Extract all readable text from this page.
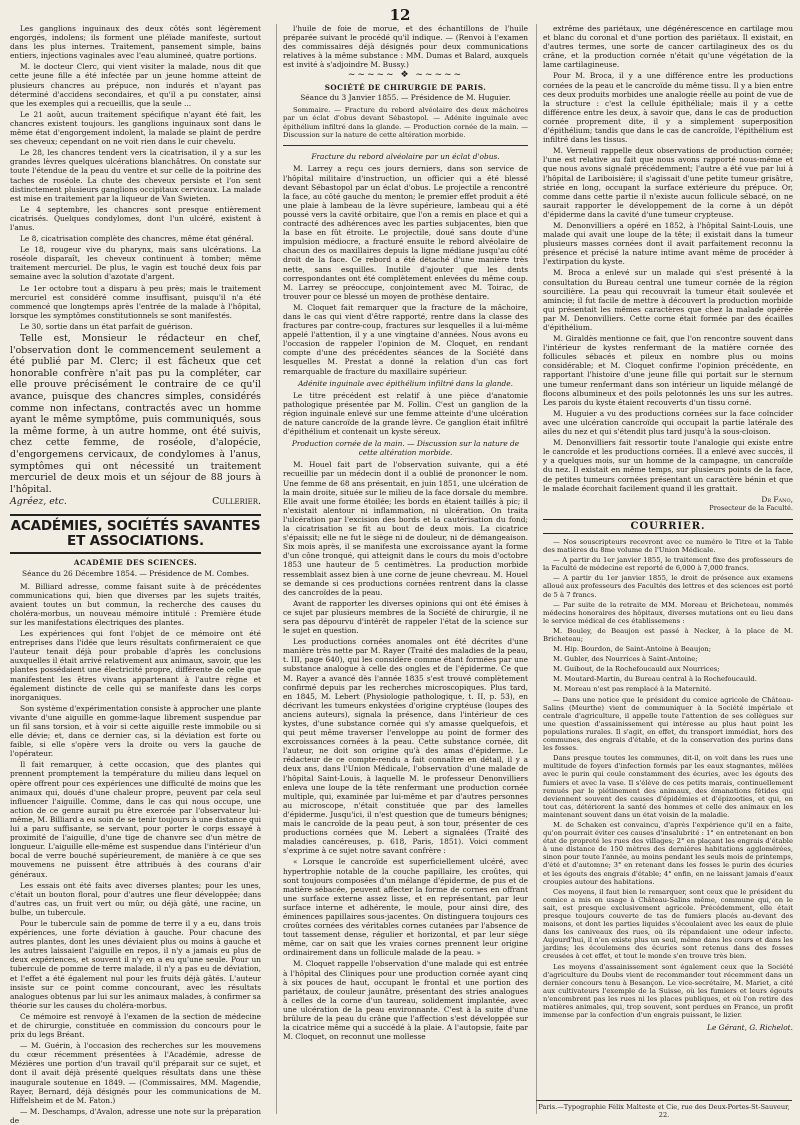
12

Les ganglions inguinaux des deux côtés sont légèrement engorgés, indolens; ils forment une pléïade manifeste, surtout dans les plus internes. Traitement, pansement simple, bains entiers, injections vaginales avec l'eau alumineé, quatre portions.

M. le docteur Clerc, qui vient visiter la malade, nous dit que cette jeune fille a été infectée par un jeune homme atteint de plusieurs chancres au prépuce, non indurés et n'ayant pas déterminé d'accidens secondaires, et qu'il a pu constater, ainsi que les exemples qui a recueillis, que la seule ...

Le 21 août, aucun traitement spécifique n'ayant été fait, les chancres existent toujours. les ganglions inguinaux sont dans le même état d'engorgement indolent, la malade se plaint de perdre ses cheveux; cependant on ne voit rien dans le cuir chevelu.

Le 28, les chancres tendent vers la cicatrisation, il y a sur les grandes lèvres quelques ulcérations blanchâtres. On constate sur toute l'étendue de la peau du ventre et sur celle de la poitrine des taches de roséole. La chute des cheveux persiste et l'on sent distinctement plusieurs ganglions occipitaux cervicaux. La malade est mise en traitement par la liqueur de Van Swieten.

Le 4 septembre, les chancres sont presque entièrement cicatrisés. Quelques condylomes, dont l'un ulcéré, existent à l'anus.

Le 8, cicatrisation complète des chancres, même état général.

Le 18, rougeur vive du pharynx, mais sans ulcérations. La roséole disparaît, les cheveux continuent à tomber; même traitement mercuriel. De plus, le vagin est touché deux fois par semaine avec la solution d'azotate d'argent.

Le 1er octobre tout a disparu à peu près; mais le traitement mercuriel est considéré comme insuffisant, puisqu'il n'a été commencé que longtemps après l'entrée de la malade à l'hôpital, lorsque les symptômes constitutionnels se sont manifestés.

Le 30, sortie dans un état parfait de guérison.

Telle est, Monsieur le rédacteur en chef, l'observation dont le commencement seulement a été publié par M. Clerc; il est fâcheux que cet honorable confrère n'ait pas pu la compléter, car elle prouve précisément le contraire de ce qu'il avance, puisque des chancres simples, considérés comme non infectans, contractés avec un homme ayant le même symptôme, puis communiqués, sous la même forme, à un autre homme, ont été suivis, chez cette femme, de roséole, d'alopécie, d'engorgemens cervicaux, de condylomes à l'anus, symptômes qui ont nécessité un traitement mercuriel de deux mois et un séjour de 88 jours à l'hôpital.

Agréez, etc.	Cullerier.
ACADÉMIES, SOCIÉTÉS SAVANTES ET ASSOCIATIONS.
ACADÉMIE DES SCIENCES.
Séance du 26 Décembre 1854. — Présidence de M. Combes.

M. Billiard adresse, comme faisant suite à de précédentes communications qui, bien que diverses par les sujets traités, avaient toutes un but commun, la recherche des causes du choléra-morbus, un nouveau mémoire intitulé : Première étude sur les manifestations électriques des plantes.

Les expériences qui font l'objet de ce mémoire ont été entreprises dans l'idée que leurs résultats confirmeraient ce que l'auteur tenait déjà pour probable d'après les conclusions auxquelles il était arrivé relativement aux animaux, savoir, que les plantes possédaient une électricité propre, différente de celle que manifestent les êtres vivans appartenant à l'autre règne et également distincte de celle qui se manifeste dans les corps inorganiques.

Son système d'expérimentation consiste à approcher une plante vivante d'une aiguille en gomme-laque librement suspendue par un fil sans torsion, et à voir si cette aiguille reste immobile ou si elle dévie; et, dans ce dernier cas, si la déviation est forte ou faible, si elle s'opère vers la droite ou vers la gauche de l'opérateur.

Il fait remarquer, à cette occasion, que des plantes qui prennent promptement la température du milieu dans lequel on opère offrent pour ces expériences une difficulté de moins que les animaux qui, doués d'une chaleur propre, peuvent par cela seul influencer l'aiguille. Comme, dans le cas qui nous occupe, une action de ce genre aurait pu être exercée par l'observateur lui-même, M. Billiard a eu soin de se tenir toujours à une distance qui lui a paru suffisante, se servant, pour porter le corps essayé à proximité de l'aiguille, d'une tige de chanvre sec d'un mètre de longueur. L'aiguille elle-même est suspendue dans l'intérieur d'un bocal de verre bouché supérieurement, de manière à ce que ses mouvemens ne puissent être attribués à des courans d'air généraux.

Les essais ont été faits avec diverses plantes; pour les unes, c'était un bouton floral, pour d'autres une fleur développée; dans d'autres cas, un fruit vert ou mûr, ou déjà gâté, une racine, un bulbe, un tubercule.

Pour le tubercule sain de pomme de terre il y a eu, dans trois expériences, une forte déviation à gauche. Pour chacune des autres plantes, dont les unes déviaient plus ou moins à gauche et les autres laissaient l'aiguille en repos, il n'y a jamais eu plus de deux expériences, et souvent il n'y en a eu qu'une seule. Pour un tubercule de pomme de terre malade, il n'y a pas eu de déviation, et l'effet a été également nul pour les fruits déjà gâtés. L'auteur insiste sur ce point comme concourant, avec les résultats analogues obtenus par lui sur les animaux malades, à confirmer sa théorie sur les causes du choléra-morbus.

Ce mémoire est renvoyé à l'examen de la section de médecine et de chirurgie, constituée en commission du concours pour le prix du legs Bréant.

— M. Guérin, à l'occasion des recherches sur les mouvemens du cœur récemment présentées à l'Académie, adresse de Mézières une portion d'un travail qu'il préparait sur ce sujet, et dont il avait déjà présenté quelques résultats dans une thèse inaugurale soutenue en 1849. — (Commissaires, MM. Magendie, Rayer, Bernard, déjà désignés pour les communications de M. Hiffelsheim et de M. Faton.)

— M. Deschamps, d'Avalon, adresse une note sur la préparation de

l'huile de foie de morue, et des échantillons de l'huile préparée suivant le procédé qu'il indique. — (Renvoi à l'examen des commissaires déjà désignés pour deux communications relatives à la même substance : MM. Dumas et Balard, auxquels est invité à s'adjoindre M. Bussy.)

~~~~~ ❖ ~~~~~
SOCIÉTÉ DE CHIRURGIE DE PARIS.
Séance du 3 Janvier 1855. — Présidence de M. Huguier.
Sommaire. — Fracture du rebord alvéolaire des deux mâchoires par un éclat d'obus devant Sébastopol. — Adénite inguinale avec épithélium infiltré dans la glande. — Production cornée de la main. — Discussion sur la nature de cette altération morbide.
Fracture du rebord alvéolaire par un éclat d'obus.

M. Larrey a reçu ces jours derniers, dans son service de l'hôpital militaire d'instruction, un officier qui a été blessé devant Sébastopol par un éclat d'obus. Le projectile a rencontré la face, au côté gauche du menton; le premier effet produit a été une plaie à lambeau de la lèvre supérieure, lambeau qui a été poussé vers la cavité orbitaire, que l'on a remis en place et qui a contracté des adhérences avec les parties subjacentes, bien que la base en fût étroite. Le projectile, doué sans doute d'une impulsion médiocre, a fracturé ensuite le rebord alvéolaire de chacun des os maxillaires depuis la ligne médiane jusqu'au côté droit de la face. Ce rebord a été détaché d'une manière très nette, sans esquilles. Inutile d'ajouter que les dents correspondantes ont été complètement enlevées du même coup. M. Larrey se préoccupe, conjointement avec M. Toirac, de trouver pour ce blessé un moyen de prothèse dentaire.

M. Cloquet fait remarquer que la fracture de la mâchoire, dans le cas qui vient d'être rapporté, rentre dans la classe des fractures par contre-coup, fractures sur lesquelles il a lui-même appelé l'attention, il y a une vingtaine d'années. Nous avons eu l'occasion de rappeler l'opinion de M. Cloquet, en rendant compte d'une des précédentes séances de la Société dans lesquelles M. Prestat a donné la relation d'un cas fort remarquable de fracture du maxillaire supérieur.

Adénite inguinale avec épithélium infiltré dans la glande.

Le titre précédent est relatif à une pièce d'anatomie pathologique présentée par M. Follin. C'est un ganglion de la région inguinale enlevé sur une femme atteinte d'une ulcération de nature cancroïde de la grande lèvre. Ce ganglion était infiltré d'épithélium et contenait un kyste séreux.

Production cornée de la main. — Discussion sur la nature de cette altération morbide.

M. Houel fait part de l'observation suivante, qui a été recueillie par un médecin dont il a oublié de prononcer le nom. Une femme de 68 ans présentait, en juin 1851, une ulcération de la main droite, située sur le milieu de la face dorsale du membre. Elle avait une forme étoilée; les bords en étaient taillés à pic; il n'existait alentour ni inflammation, ni ulcération. On traita l'ulcération par l'excision des bords et la cautérisation du fond; la cicatrisation se fit au bout de deux mois. La cicatrice s'épaissit; elle ne fut le siège ni de douleur, ni de démangeaison. Six mois après, il se manifesta une excroissance ayant la forme d'un cône tronqué, qui atteignit dans le cours du mois d'octobre 1853 une hauteur de 5 centimètres. La production morbide ressemblait assez bien à une corne de jeune chevreau. M. Houel se demande si ces productions cornées rentrent dans la classe des cancroïdes de la peau.

Avant de rapporter les diverses opinions qui ont été émises à ce sujet par plusieurs membres de la Société de chirurgie, il ne sera pas dépourvu d'intérêt de rappeler l'état de la science sur le sujet en question.

Les productions cornées anomales ont été décrites d'une manière très nette par M. Rayer (Traité des maladies de la peau, t. III, page 640), qui les considère comme étant formées par une substance analogue à celle des ongles et de l'épiderme. Ce que M. Rayer a avancé dès l'année 1835 s'est trouvé complètement confirmé depuis par les recherches microscopiques. Plus tard, en 1845, M. Lebert (Physiologie pathologique, t. II, p. 53), en décrivant les tumeurs enkystées d'origine cryptéuse (loupes des anciens auteurs), signala la présence, dans l'intérieur de ces kystes, d'une substance cornée qui s'y amasse quelquefois, et qui peut même traverser l'enveloppe au point de former des excroissances cornées à la peau. Cette substance cornée, dit l'auteur, ne doit son origine qu'à des amas d'épiderme. Le rédacteur de ce compte-rendu a fait connaître en détail, il y a deux ans, dans l'Union Médicale, l'observation d'une malade de l'hôpital Saint-Louis, à laquelle M. le professeur Denonvilliers enleva une loupe de la tête renfermant une production cornée multiple, qui, examinée par lui-même et par d'autres personnes au microscope, n'était constituée que par des lamelles d'épiderme. Jusqu'ici, il n'est question que de tumeurs bénignes; mais le cancroïde de la peau peut, à son tour, présenter de ces productions cornées que M. Lebert a signalées (Traité des maladies cancéreuses, p. 618, Paris, 1851). Voici comment s'exprime à ce sujet notre savant confrère :

« Lorsque le cancroïde est superficiellement ulcéré, avec hypertrophie notable de la couche papillaire, les croûtes, qui sont toujours composées d'un mélange d'épiderme, de pus et de matière sébacée, peuvent affecter la forme de cornes en offrant une surface externe assez lisse, et en représentant, par leur surface interne et adhérente, le moule, pour ainsi dire, des éminences papillaires sous-jacentes. On distinguera toujours ces croûtes cornées des véritables cornes cutanées par l'absence de tout tassement dense, régulier et horizontal, et par leur siège même, car on sait que les vraies cornes prennent leur origine ordinairement dans un follicule malade de la peau. »

M. Cloquet rappelle l'observation d'une malade qui est entrée à l'hôpital des Cliniques pour une production cornée ayant cinq à six pouces de haut, occupant le frontal et une portion des pariétaux, de couleur jaunâtre, présentant des stries analogues à celles de la corne d'un taureau, solidement implantée, avec une ulcération de la peau environnante. C'est à la suite d'une brûlure de la peau du crâne que l'affection s'est développée sur la cicatrice même qui a succédé à la plaie. A l'autopsie, faite par M. Cloquet, on reconnut une mollesse

extrême des pariétaux, une dégénérescence en cartilage mou et blanc du coronal et d'une portion des pariétaux. Il existait, en d'autres termes, une sorte de cancer cartilagineux des os du crâne, et la production cornée n'était qu'une végétation de la lame cartilagineuse.

Pour M. Broca, il y a une différence entre les productions cornées de la peau et le cancroïde du même tissu. Il y a bien entre ces deux produits morbides une analogie réelle au point de vue de la structure : c'est la cellule épithéliale; mais il y a cette différence entre les deux, à savoir que, dans le cas de production cornée proprement dite, il y a simplement superposition d'épithélium; tandis que dans le cas de cancroïde, l'épithélium est infiltré dans les tissus.

M. Verneuil rappelle deux observations de production cornée; l'une est relative au fait que nous avons rapporté nous-même et que nous avons signalé précédemment; l'autre a été vue par lui à l'hôpital de Lariboisière; il s'agissait d'une petite tumeur grisâtre, striée en long, occupant la surface extérieure du prépuce. Or, comme dans cette partie il n'existe aucun follicule sébacé, on ne saurait rapporter le développement de la corne à un dépôt d'épiderme dans la cavité d'une tumeur crypteuse.

M. Denonvilliers a opéré en 1852, à l'hôpital Saint-Louis, une malade qui avait une loupe de la tête; il existait dans la tumeur plusieurs masses cornées dont il avait parfaitement reconnu la présence et précisé la nature intime avant même de procéder à l'extirpation du kyste.

M. Broca a enlevé sur un malade qui s'est présenté à la consultation du Bureau central une tumeur cornée de la région sourcilière. La peau qui recouvrait la tumeur était soulevée et amincie; il fut facile de mettre à découvert la production morbide qui présentait les mêmes caractères que chez la malade opérée par M. Denonvilliers. Cette corne était formée par des écailles d'épithélium.

M. Giraldès mentionne ce fait, que l'on rencontre souvent dans l'intérieur de kystes renfermant de la matière cornée des follicules sébacés et pileux en nombre plus ou moins considérable; et M. Cloquet confirme l'opinion précédente, en rapportant l'histoire d'une jeune fille qui portait sur le sternum une tumeur renfermant dans son intérieur un liquide mélangé de flocons albumineux et des poils pelotonnés les uns sur les autres. Les parois du kyste étaient recouverts d'un tissu corné.

M. Huguier a vu des productions cornées sur la face coïncider avec une ulcération cancroïde qui occupait la partie latérale des ailes du nez et qui s'étendit plus tard jusqu'à la sous-cloison.

M. Denonvilliers fait ressortir toute l'analogie qui existe entre le cancroïde et les productions cornées. Il a enlevé avec succès, il y a quelques mois, sur un homme de la campagne, un cancroïde du nez. Il existait en même temps, sur plusieurs points de la face, de petites tumeurs cornées présentant un caractère bénin et que le malade écorchait facilement quand il les grattait.

Dr Fano,
Prosecteur de la Faculté.
COURRIER.

— Nos souscripteurs recevront avec ce numéro le Titre et la Table des matières du 8me volume de l'Union Médicale.

— A partir du 1er janvier 1855, le traitement fixe des professeurs de la Faculté de médecine est reporté de 6,000 à 7,000 francs.

— A partir du 1er janvier 1855, le droit de présence aux examens alloué aux professeurs des Facultés des lettres et des sciences est porté de 5 à 7 francs.

— Par suite de la retraite de MM. Moreau et Bricheteau, nommés médecins honoraires des hôpitaux, diverses mutations ont eu lieu dans le service médical de ces établissemens :

M. Bouley, de Beaujon est passé à Necker, à la place de M. Bricheteau;

M. Hip. Bourdon, de Saint-Antoine à Beaujon;

M. Gubler, des Nourrices à Saint-Antoine;

M. Guibout, de la Rochefoucauld aux Nourrices;

M. Moutard-Martin, du Bureau central à la Rochefoucauld.

M. Moreau n'est pas remplacé à la Maternité.

— Dans une notice que le président du comice agricole de Château-Salins (Meurthe) vient de communiquer à la Société impériale et centrale d'agriculture, il appelle toute l'attention de ses collègues sur une question d'assainissement qui intéresse au plus haut point les populations rurales. Il s'agit, en effet, du transport immédiat, hors des communes, des engrais d'étable, et de la conservation des purins dans les fosses.

Dans presque toutes les communes, dit-il, on voit dans les rues une multitude de foyers d'infection formés par les eaux stagnantes, mêlées avec le purin qui coule constamment des écuries, avec les égouts des fumiers et avec la vase. Il s'élève de ces petits marais, continuellement remués par le piétinement des animaux, des émanations fétides qui deviennent souvent des causes d'épidémies et d'épizooties, et qui, en tout cas, détériorent la santé des hommes et celle des animaux en les maintenant souvent dans un état voisin de la maladie.

M. de Schaken est convaincu, d'après l'expérience qu'il en a faite, qu'on pourrait éviter ces causes d'insalubrité : 1° en entretenant en bon état de propreté les rues des villages; 2° en plaçant les engrais d'étable à une distance de 150 mètres des dernières habitations agglomérées, sinon pour toute l'année, au moins pendant les seuls mois de printemps, d'été et d'automne; 3° en retenant dans les fosses le purin des écuries et les égouts des engrais d'étable; 4° enfin, en ne laissant jamais d'eaux croupies autour des habitations.

Ces moyens, il faut bien le remarquer, sont ceux que le président du comice a mis en usage à Château-Salins même, commune qui, on le sait, est presque exclusivement agricole. Précédemment, elle était presque toujours couverte de tas de fumiers placés au-devant des maisons, et dont les parties liquides s'écoulaient avec les eaux de pluie dans les caniveaux des rues, où ils répandaient une odeur infecte. Aujourd'hui, il n'en existe plus un seul, même dans les cours et dans les jardins; les écoulemens des écuries sont retenus dans des fosses creusées à cet effet, et tout le monde s'en trouve très bien.

Les moyens d'assainissement sont également ceux que la Société d'agriculture du Doubs vient de recommander tout récemment dans un dernier concours tenu à Besançon. Le vice-secrétaire, M. Mariet, a cité aux cultivateurs l'exemple de la Suisse, où les fumiers et leurs égouts n'encombrent pas les rues ni les places publiques, et où l'on retire des matières animales, qui, trop souvent, sont perdues en France, un profit immense par la confection d'un engrais puissant, le lizier.

Le Gérant, G. Richelot.
Paris.—Typographie Félix Malteste et Cie, rue des Deux-Portes-St-Sauveur, 22.
